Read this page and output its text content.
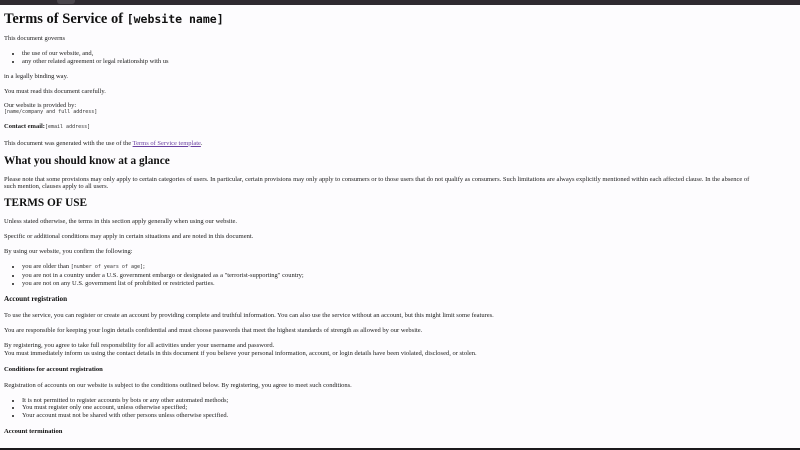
Terms of Service of [website name]

This document governs

• the use of our website, and,
• any other related agreement or legal relationship with us

in a legally binding way.

You must read this document carefully.

Our website is provided by:
[name/company and full address]

Contact email:[email address]

This document was generated with the use of the Terms of Service template.

What you should know at a glance

Please note that some provisions may only apply to certain categories of users. In particular, certain provisions may only apply to consumers or to those users that do not qualify as consumers. Such limitations are always explicitly mentioned within each affected clause. In the absence of
such mention, clauses apply to all users.

TERMS OF USE

Unless stated otherwise, the terms in this section apply generally when using our website.

Specific or additional conditions may apply in certain situations and are noted in this document.

By using our website, you confirm the following:

• you are older than [number of years of age];
• you are not in a country under a U.S. government embargo or designated as a "terrorist-supporting" country;
• you are not on any U.S. government list of prohibited or restricted parties.
Account registration

To use the service, you can register or create an account by providing complete and truthful information. You can also use the service without an account, but this might limit some features.

You are responsible for keeping your login details confidential and must choose passwords that meet the highest standards of strength as allowed by our website.

By registering, you agree to take full responsibility for all activities under your username and password.
You must immediately inform us using the contact details in this document if you believe your personal information, account, or login details have been violated, disclosed, or stolen.

Conditions for account registration

Registration of accounts on our website is subject to the conditions outlined below. By registering, you agree to meet such conditions.

• It is not permitted to register accounts by bots or any other automated methods;
• You must register only one account, unless otherwise specified;
• Your account must not be shared with other persons unless otherwise specified.
Account termination
